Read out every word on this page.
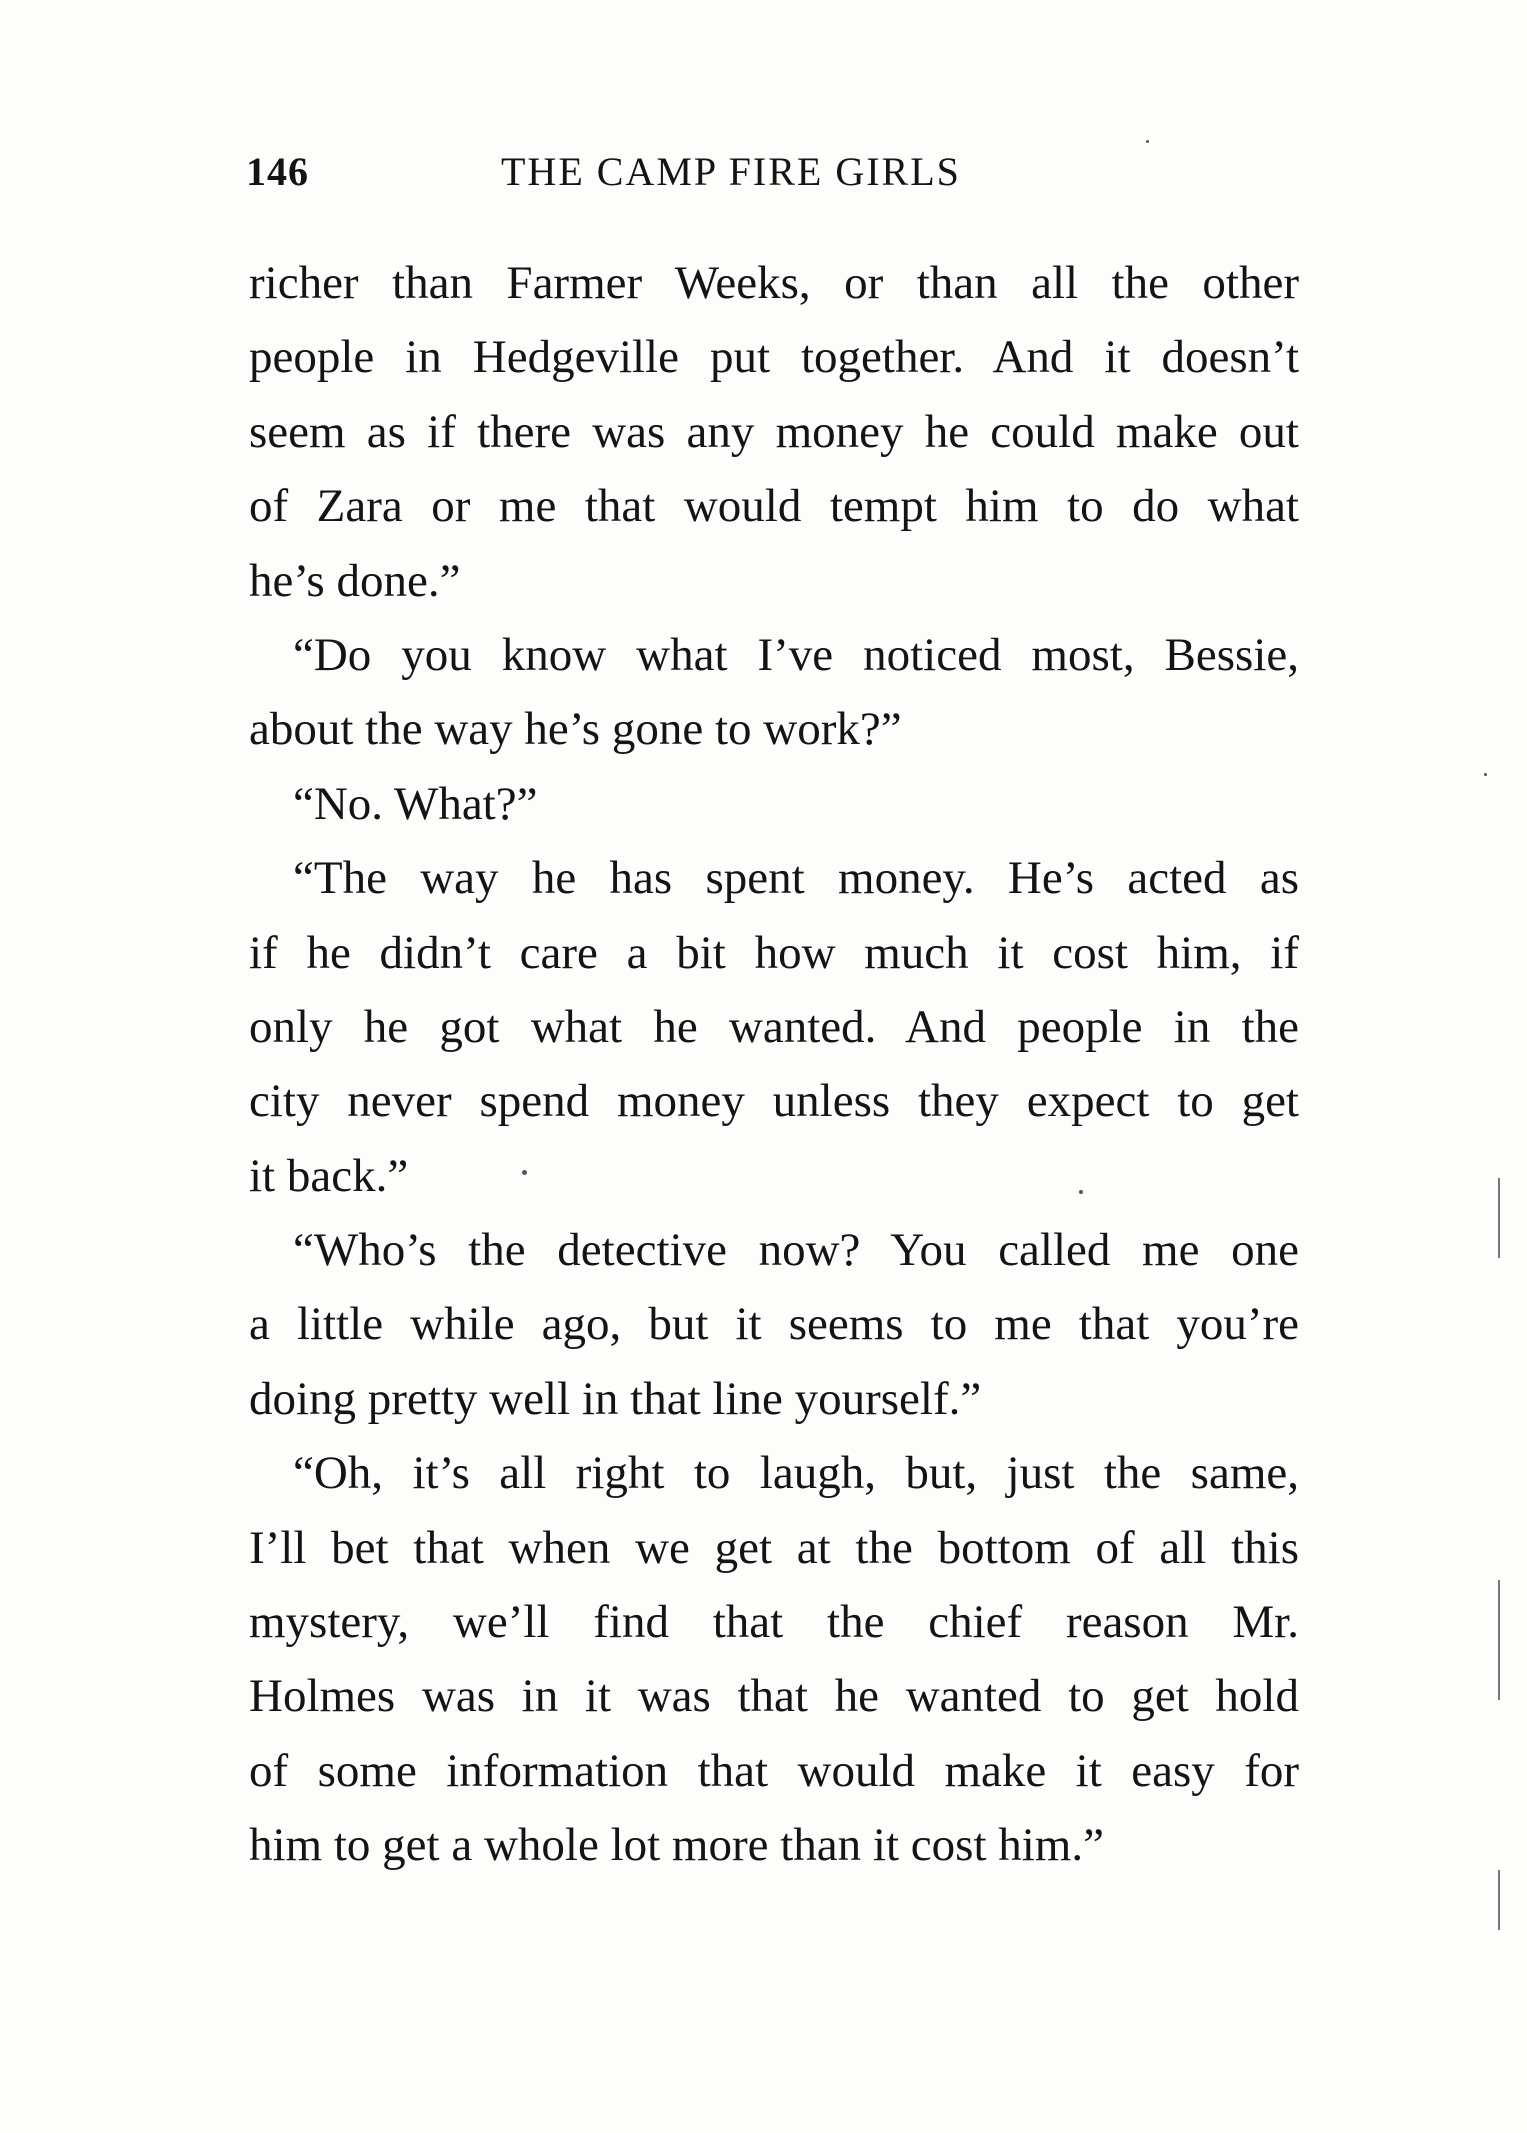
146	THE CAMP FIRE GIRLS
richer than Farmer Weeks, or than all the other
people in Hedgeville put together. And it doesn’t
seem as if there was any money he could make out
of Zara or me that would tempt him to do what
he’s done.”
“Do you know what I’ve noticed most, Bessie,
about the way he’s gone to work?”
“No. What?”
“The way he has spent money. He’s acted as
if he didn’t care a bit how much it cost him, if
only he got what he wanted. And people in the
city never spend money unless they expect to get
it back.”
“Who’s the detective now? You called me one
a little while ago, but it seems to me that you’re
doing pretty well in that line yourself.”
“Oh, it’s all right to laugh, but, just the same,
I’ll bet that when we get at the bottom of all this
mystery, we’ll find that the chief reason Mr.
Holmes was in it was that he wanted to get hold
of some information that would make it easy for
him to get a whole lot more than it cost him.”
